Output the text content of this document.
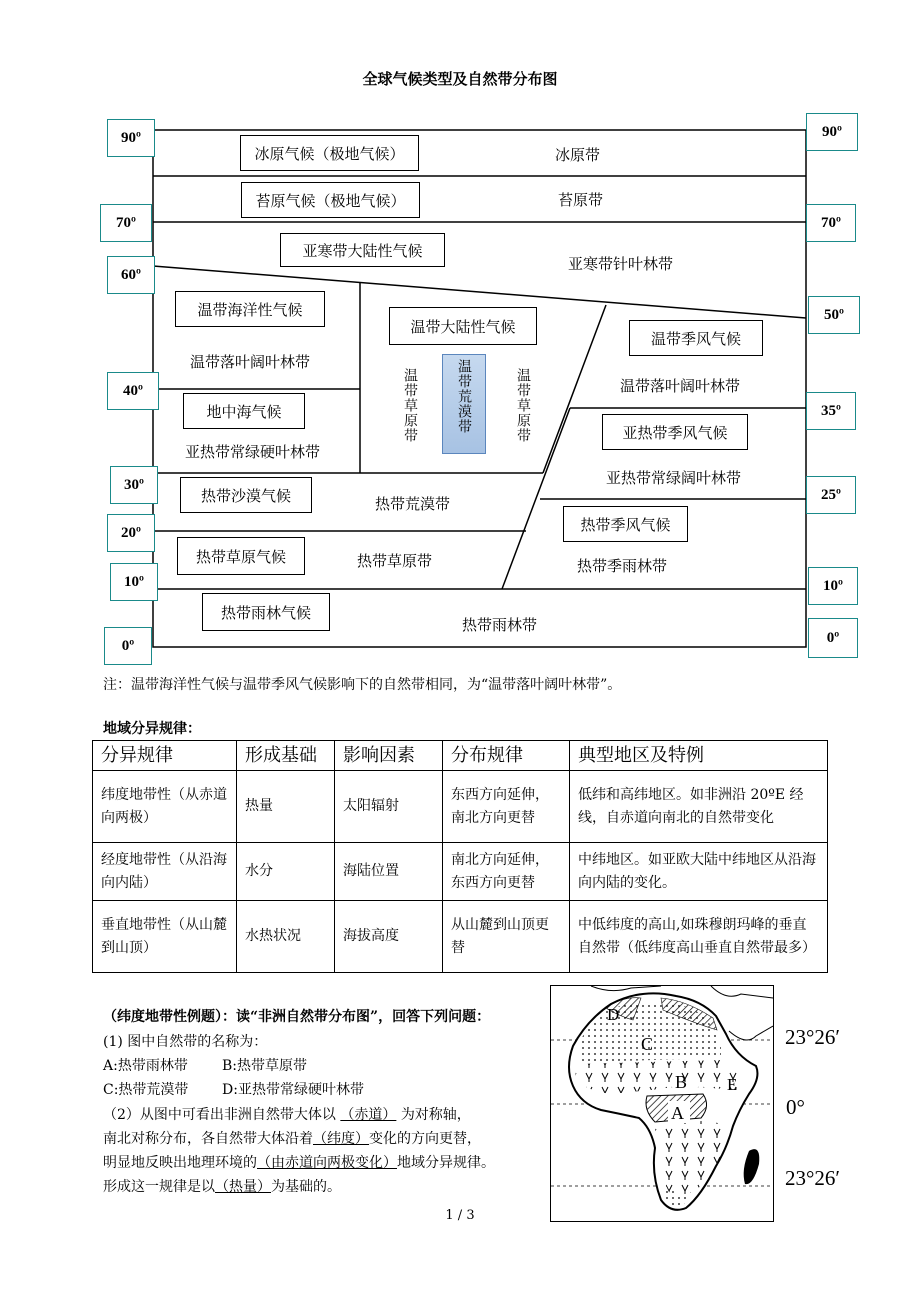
全球气候类型及自然带分布图
90º
70º
60º
40º
30º
20º
10º
0º
90º
70º
50º
35º
25º
10º
0º
冰原气候（极地气候）
苔原气候（极地气候）
亚寒带大陆性气候
温带海洋性气候
温带大陆性气候
温带季风气候
地中海气候
亚热带季风气候
热带沙漠气候
热带草原气候
热带季风气候
热带雨林气候
冰原带
苔原带
亚寒带针叶林带
温带落叶阔叶林带
温带落叶阔叶林带
亚热带常绿硬叶林带
亚热带常绿阔叶林带
热带荒漠带
热带草原带	热带季雨林带
热带雨林带
温带草原带	温带草原带
温带荒漠带
注：温带海洋性气候与温带季风气候影响下的自然带相同，为“温带落叶阔叶林带”。
地域分异规律：
分异规律	形成基础	影响因素	分布规律	典型地区及特例
纬度地带性（从赤道向两极）	热量	太阳辐射	东西方向延伸，南北方向更替	低纬和高纬地区。如非洲沿 20ºE 经线，自赤道向南北的自然带变化
经度地带性（从沿海向内陆）	水分	海陆位置	南北方向延伸，东西方向更替	中纬地区。如亚欧大陆中纬地区从沿海向内陆的变化。
垂直地带性（从山麓到山顶）	水热状况	海拔高度	从山麓到山顶更替	中低纬度的高山,如珠穆朗玛峰的垂直自然带（低纬度高山垂直自然带最多）
（纬度地带性例题）：读“非洲自然带分布图”，回答下列问题：
(1) 图中自然带的名称为：
A:热带雨林带 B:热带草原带
C:热带荒漠带 D:亚热带常绿硬叶林带
（2）从图中可看出非洲自然带大体以 （赤道） 为对称轴，
南北对称分布，各自然带大体沿着（纬度）变化的方向更替，
明显地反映出地理环境的（由赤道向两极变化）地域分异规律。
形成这一规律是以（热量）为基础的。
D
C
B E
A
23°26′
0°
23°26′
1 / 3
